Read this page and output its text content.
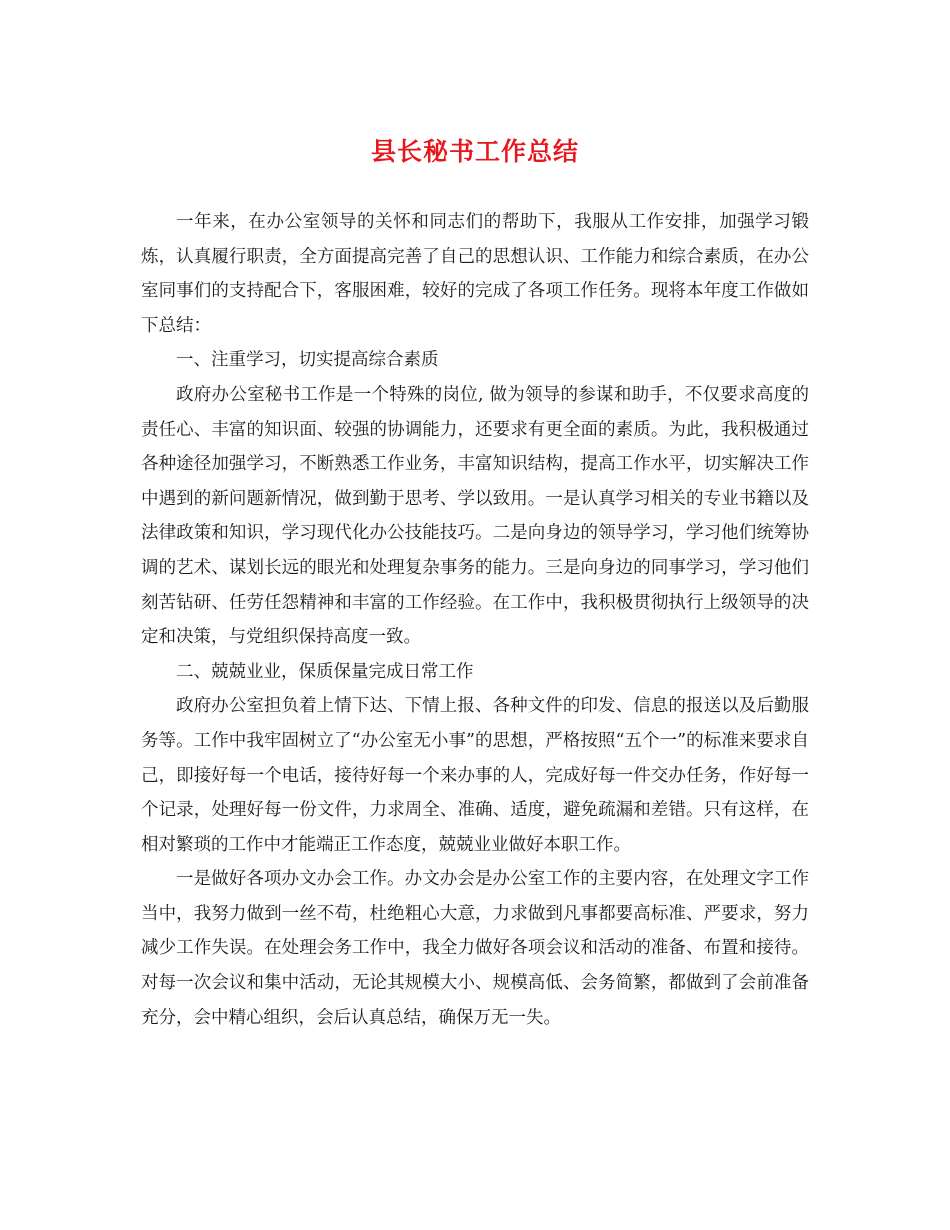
县长秘书工作总结

一年来，在办公室领导的关怀和同志们的帮助下，我服从工作安排，加强学习锻炼，认真履行职责，全方面提高完善了自己的思想认识、工作能力和综合素质，在办公室同事们的支持配合下，客服困难，较好的完成了各项工作任务。现将本年度工作做如下总结：

一、注重学习，切实提高综合素质

政府办公室秘书工作是一个特殊的岗位, 做为领导的参谋和助手，不仅要求高度的责任心、丰富的知识面、较强的协调能力，还要求有更全面的素质。为此，我积极通过各种途径加强学习，不断熟悉工作业务，丰富知识结构，提高工作水平，切实解决工作中遇到的新问题新情况，做到勤于思考、学以致用。一是认真学习相关的专业书籍以及法律政策和知识，学习现代化办公技能技巧。二是向身边的领导学习，学习他们统筹协调的艺术、谋划长远的眼光和处理复杂事务的能力。三是向身边的同事学习，学习他们刻苦钻研、任劳任怨精神和丰富的工作经验。在工作中，我积极贯彻执行上级领导的决定和决策，与党组织保持高度一致。

二、兢兢业业，保质保量完成日常工作

政府办公室担负着上情下达、下情上报、各种文件的印发、信息的报送以及后勤服务等。工作中我牢固树立了“办公室无小事”的思想，严格按照“五个一”的标准来要求自己，即接好每一个电话，接待好每一个来办事的人，完成好每一件交办任务，作好每一个记录，处理好每一份文件，力求周全、准确、适度，避免疏漏和差错。只有这样，在相对繁琐的工作中才能端正工作态度，兢兢业业做好本职工作。

一是做好各项办文办会工作。办文办会是办公室工作的主要内容，在处理文字工作当中，我努力做到一丝不苟，杜绝粗心大意，力求做到凡事都要高标准、严要求，努力减少工作失误。在处理会务工作中，我全力做好各项会议和活动的准备、布置和接待。对每一次会议和集中活动，无论其规模大小、规模高低、会务简繁，都做到了会前准备充分，会中精心组织，会后认真总结，确保万无一失。
